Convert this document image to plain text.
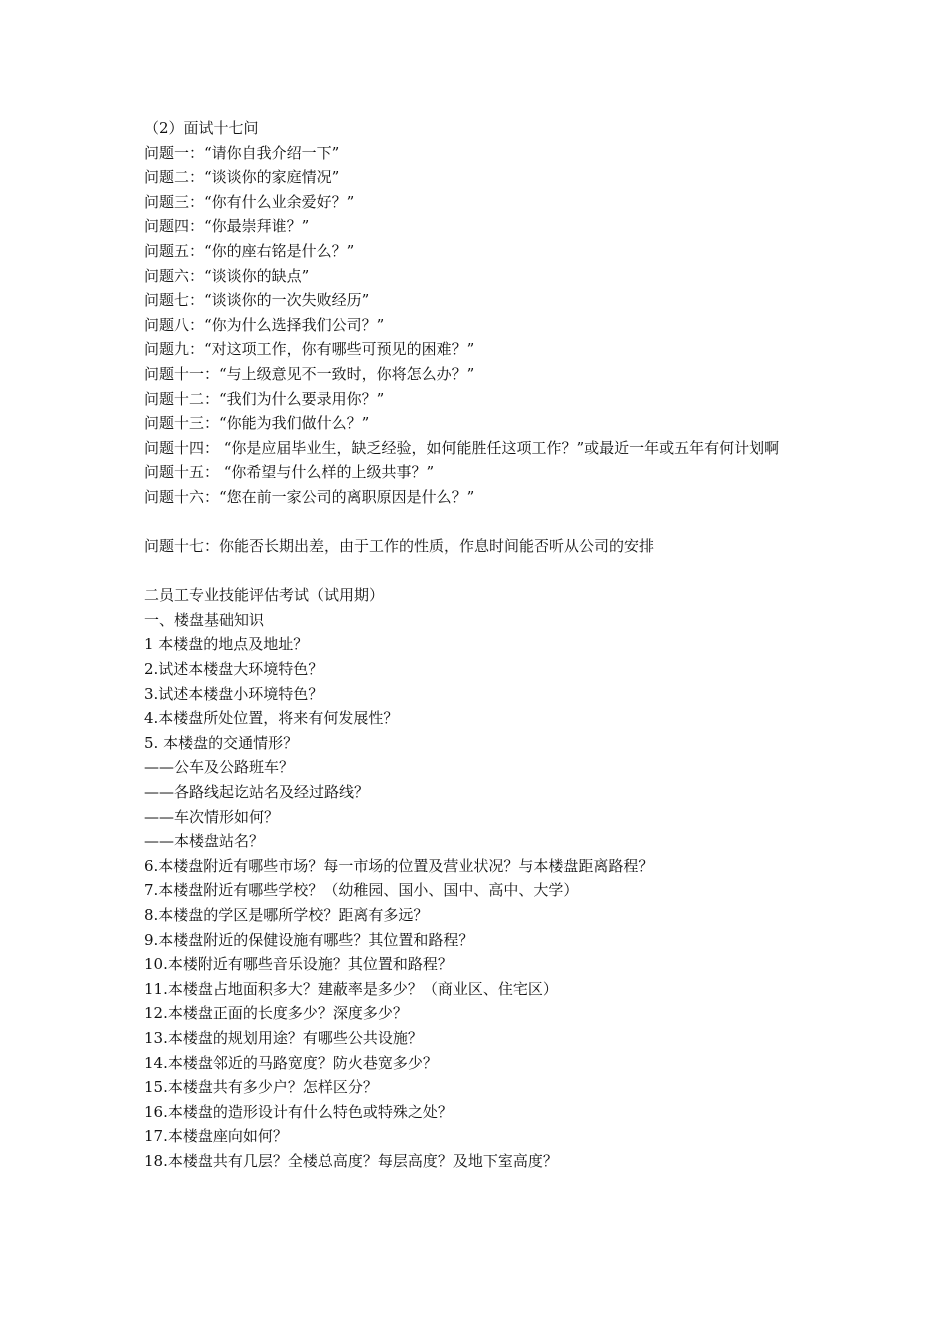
（2）面试十七问
问题一：“请你自我介绍一下”
问题二：“谈谈你的家庭情况”
问题三：“你有什么业余爱好？”
问题四：“你最崇拜谁？”
问题五：“你的座右铭是什么？”
问题六：“谈谈你的缺点”
问题七：“谈谈你的一次失败经历”
问题八：“你为什么选择我们公司？”
问题九：“对这项工作，你有哪些可预见的困难？”
问题十一：“与上级意见不一致时，你将怎么办？”
问题十二：“我们为什么要录用你？”
问题十三：“你能为我们做什么？”
问题十四： “你是应届毕业生，缺乏经验，如何能胜任这项工作？”或最近一年或五年有何计划啊
问题十五： “你希望与什么样的上级共事？”
问题十六：“您在前一家公司的离职原因是什么？”
问题十七：你能否长期出差，由于工作的性质，作息时间能否听从公司的安排
二员工专业技能评估考试（试用期）
一、楼盘基础知识
1 本楼盘的地点及地址？
2.试述本楼盘大环境特色？
3.试述本楼盘小环境特色？
4.本楼盘所处位置，将来有何发展性？
5. 本楼盘的交通情形？
——公车及公路班车？
——各路线起讫站名及经过路线？
——车次情形如何？
——本楼盘站名？
6.本楼盘附近有哪些市场？每一市场的位置及营业状况？与本楼盘距离路程？
7.本楼盘附近有哪些学校？（幼稚园、国小、国中、高中、大学）
8.本楼盘的学区是哪所学校？距离有多远？
9.本楼盘附近的保健设施有哪些？其位置和路程？
10.本楼附近有哪些音乐设施？其位置和路程？
11.本楼盘占地面积多大？建蔽率是多少？（商业区、住宅区）
12.本楼盘正面的长度多少？深度多少？
13.本楼盘的规划用途？有哪些公共设施？
14.本楼盘邻近的马路宽度？防火巷宽多少？
15.本楼盘共有多少户？怎样区分？
16.本楼盘的造形设计有什么特色或特殊之处？
17.本楼盘座向如何？
18.本楼盘共有几层？全楼总高度？每层高度？及地下室高度？
